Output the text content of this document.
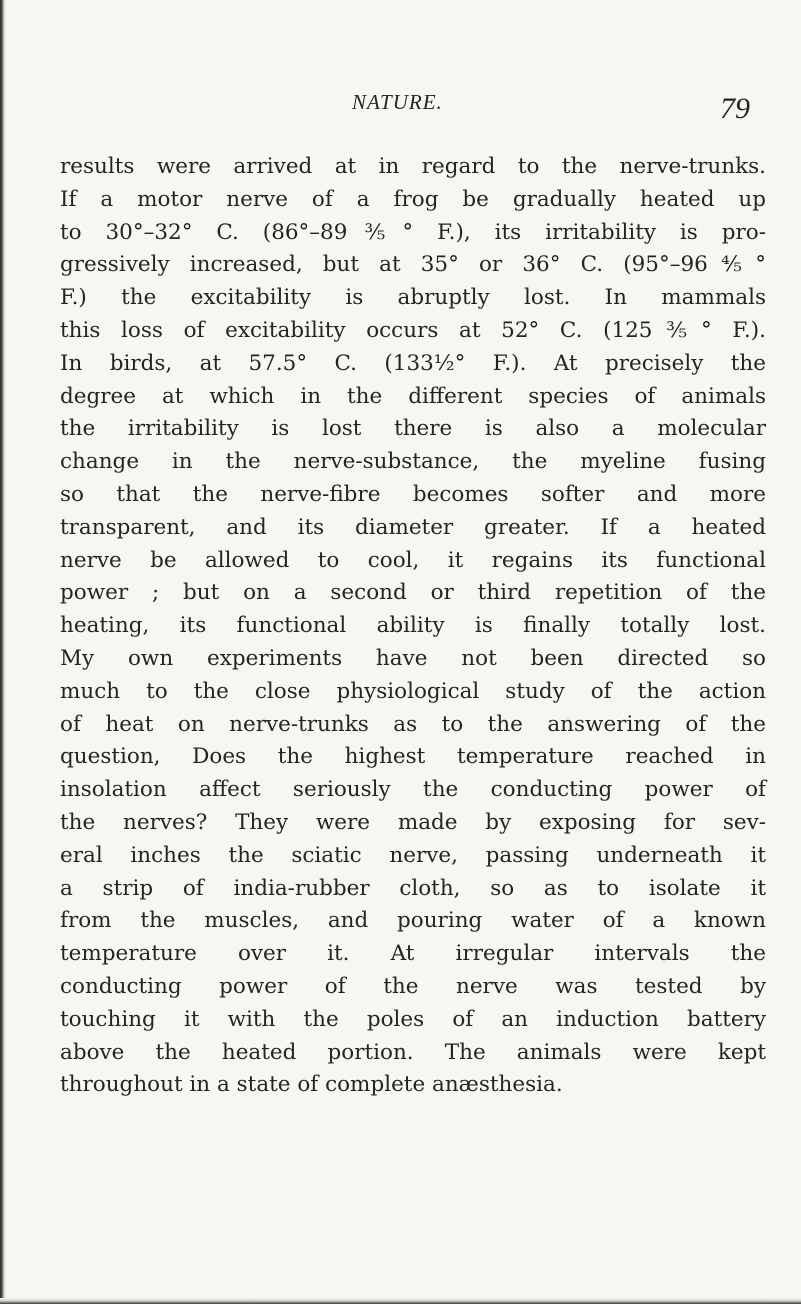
NATURE.	79
results were arrived at in regard to the nerve-trunks.
If a motor nerve of a frog be gradually heated up
to 30°–32° C. (86°–89⅗° F.), its irritability is pro-
gressively increased, but at 35° or 36° C. (95°–96⅘°
F.) the excitability is abruptly lost. In mammals
this loss of excitability occurs at 52° C. (125⅗° F.).
In birds, at 57.5° C. (133½° F.). At precisely the
degree at which in the different species of animals
the irritability is lost there is also a molecular
change in the nerve-substance, the myeline fusing
so that the nerve-fibre becomes softer and more
transparent, and its diameter greater. If a heated
nerve be allowed to cool, it regains its functional
power ; but on a second or third repetition of the
heating, its functional ability is finally totally lost.
My own experiments have not been directed so
much to the close physiological study of the action
of heat on nerve-trunks as to the answering of the
question, Does the highest temperature reached in
insolation affect seriously the conducting power of
the nerves? They were made by exposing for sev-
eral inches the sciatic nerve, passing underneath it
a strip of india-rubber cloth, so as to isolate it
from the muscles, and pouring water of a known
temperature over it. At irregular intervals the
conducting power of the nerve was tested by
touching it with the poles of an induction battery
above the heated portion. The animals were kept
throughout in a state of complete anæsthesia.
